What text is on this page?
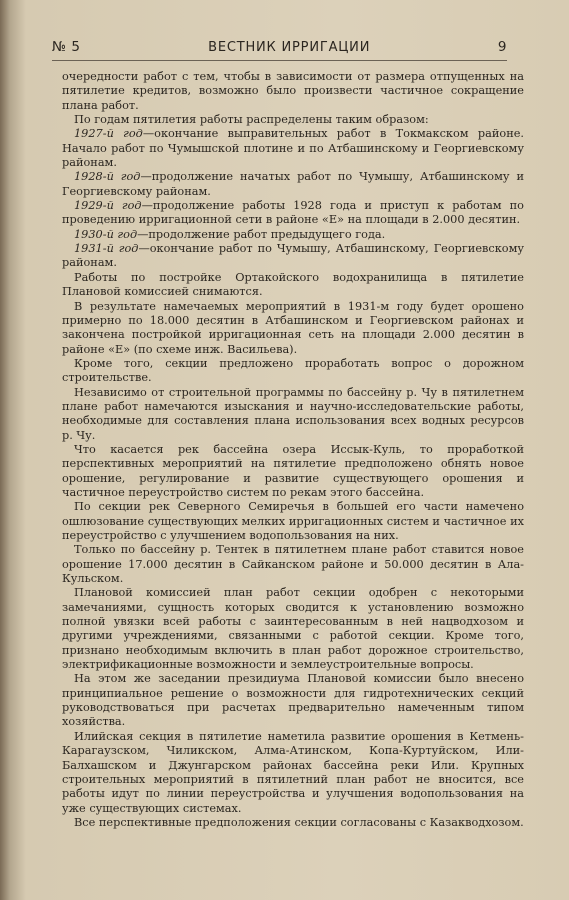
№ 5	ВЕСТНИК ИРРИГАЦИИ	9

очередности работ с тем, чтобы в зависимости от размера отпущенных на пятилетие кредитов, возможно было произвести частичное сокращение плана работ.

По годам пятилетия работы распределены таким образом:

1927-й год—окончание выправительных работ в Токмакском районе. Начало работ по Чумышской плотине и по Атбашинскому и Георгиевскому районам.

1928-й год—продолжение начатых работ по Чумышу, Атбашинскому и Георгиевскому районам.

1929-й год—продолжение работы 1928 года и приступ к работам по проведению ирригационной сети в районе «Е» на площади в 2.000 десятин.

1930-й год—продолжение работ предыдущего года.

1931-й год—окончание работ по Чумышу, Атбашинскому, Георгиевскому районам.

Работы по постройке Ортакойского водохранилища в пятилетие Плановой комиссией снимаются.

В результате намечаемых мероприятий в 1931-м году будет орошено примерно по 18.000 десятин в Атбашинском и Георгиевском районах и закончена постройкой ирригационная сеть на площади 2.000 десятин в районе «Е» (по схеме инж. Васильева).

Кроме того, секции предложено проработать вопрос о дорожном строительстве.

Независимо от строительной программы по бассейну р. Чу в пятилетнем плане работ намечаются изыскания и научно-исследовательские работы, необходимые для составления плана использования всех водных ресурсов р. Чу.

Что касается рек бассейна озера Иссык-Куль, то проработкой перспективных мероприятий на пятилетие предположено обнять новое орошение, регулирование и развитие существующего орошения и частичное переустройство систем по рекам этого бассейна.

По секции рек Северного Семиречья в большей его части намечено ошлюзование существующих мелких ирригационных систем и частичное их переустройство с улучшением водопользования на них.

Только по бассейну р. Тентек в пятилетнем плане работ ставится новое орошение 17.000 десятин в Сайканском районе и 50.000 десятин в Ала-Кульском.

Плановой комиссией план работ секции одобрен с некоторыми замечаниями, сущность которых сводится к установлению возможно полной увязки всей работы с заинтересованным в ней нацводхозом и другими учреждениями, связанными с работой секции. Кроме того, признано необходимым включить в план работ дорожное строительство, электрификационные возможности и землеустроительные вопросы.

На этом же заседании президиума Плановой комиссии было внесено принципиальное решение о возможности для гидротехнических секций руководствоваться при расчетах предварительно намеченным типом хозяйства.

Илийская секция в пятилетие наметила развитие орошения в Кетмень-Карагаузском, Чиликском, Алма-Атинском, Копа-Куртуйском, Или-Балхашском и Джунгарском районах бассейна реки Или. Крупных строительных мероприятий в пятилетний план работ не вносится, все работы идут по линии переустройства и улучшения водопользования на уже существующих системах.

Все перспективные предположения секции согласованы с Казакводхозом.
